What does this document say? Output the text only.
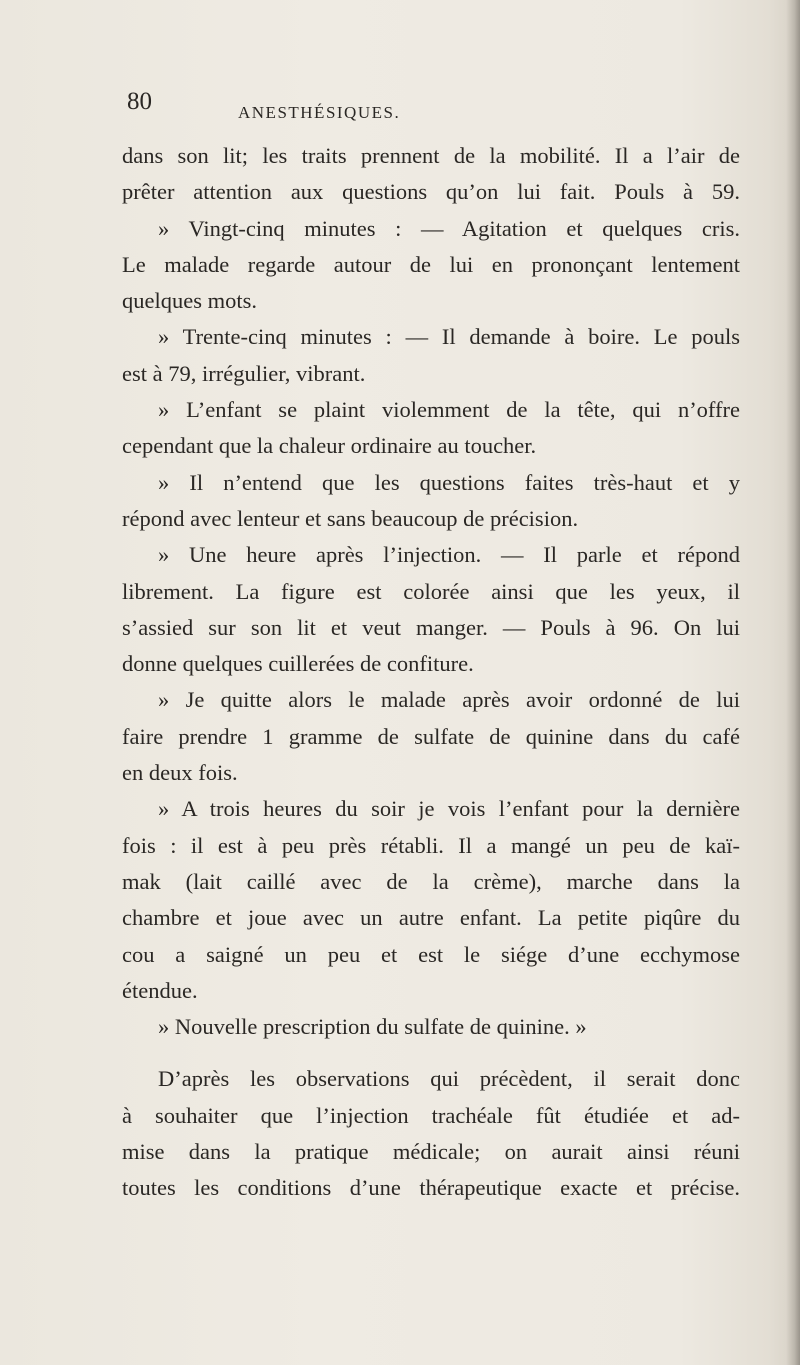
80	ANESTHÉSIQUES.
dans son lit; les traits prennent de la mobilité. Il a l’air de
prêter attention aux questions qu’on lui fait. Pouls à 59.
» Vingt-cinq minutes : — Agitation et quelques cris.
Le malade regarde autour de lui en prononçant lentement
quelques mots.
» Trente-cinq minutes : — Il demande à boire. Le pouls
est à 79, irrégulier, vibrant.
» L’enfant se plaint violemment de la tête, qui n’offre
cependant que la chaleur ordinaire au toucher.
» Il n’entend que les questions faites très-haut et y
répond avec lenteur et sans beaucoup de précision.
» Une heure après l’injection. — Il parle et répond
librement. La figure est colorée ainsi que les yeux, il
s’assied sur son lit et veut manger. — Pouls à 96. On lui
donne quelques cuillerées de confiture.
» Je quitte alors le malade après avoir ordonné de lui
faire prendre 1 gramme de sulfate de quinine dans du café
en deux fois.
» A trois heures du soir je vois l’enfant pour la dernière
fois : il est à peu près rétabli. Il a mangé un peu de kaï-
mak (lait caillé avec de la crème), marche dans la
chambre et joue avec un autre enfant. La petite piqûre du
cou a saigné un peu et est le siége d’une ecchymose
étendue.
» Nouvelle prescription du sulfate de quinine. »
D’après les observations qui précèdent, il serait donc
à souhaiter que l’injection trachéale fût étudiée et ad-
mise dans la pratique médicale; on aurait ainsi réuni
toutes les conditions d’une thérapeutique exacte et précise.
